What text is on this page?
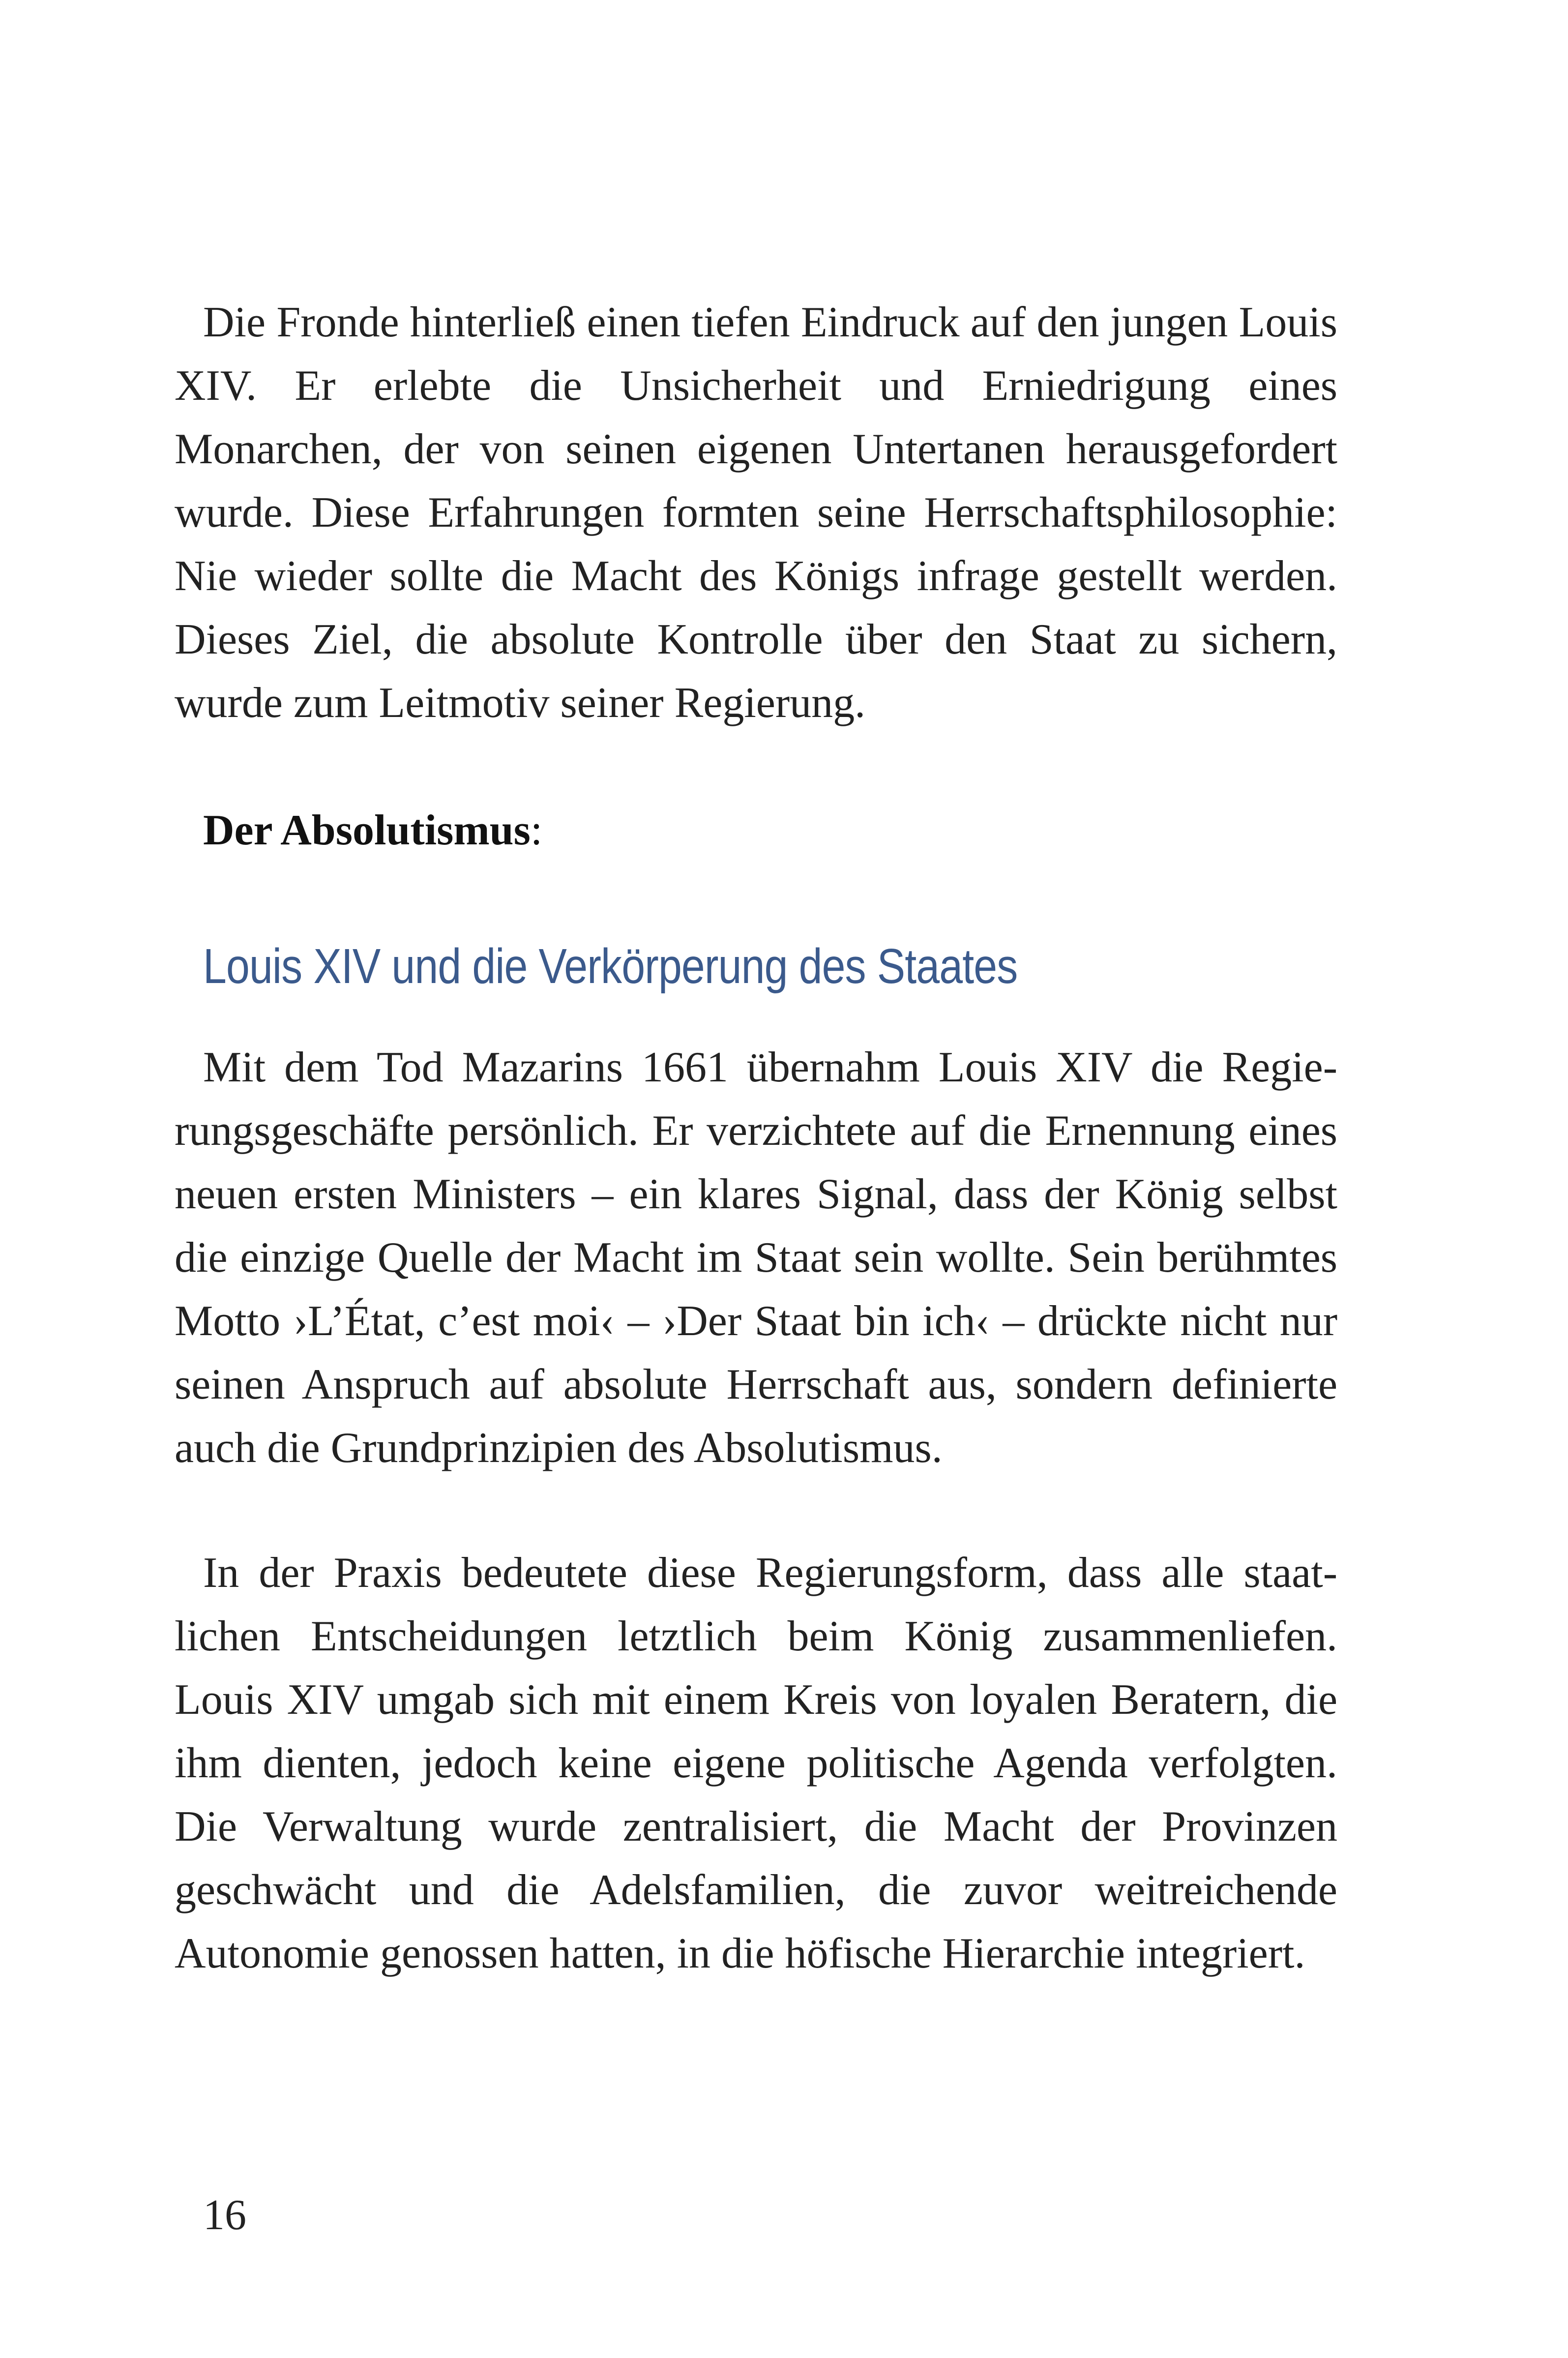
Die Fronde hinterließ einen tiefen Eindruck auf den jungen Louis XIV. Er erlebte die Unsicherheit und Erniedrigung eines Monarchen, der von seinen eigenen Untertanen herausgefordert wurde. Diese Erfahrungen formten seine Herrschaftsphilosophie: Nie wieder sollte die Macht des Königs infrage gestellt werden. Dieses Ziel, die absolute Kontrolle über den Staat zu sichern, wurde zum Leitmotiv seiner Regierung.

Der Absolutismus:

Louis XIV und die Verkörperung des Staates

Mit dem Tod Mazarins 1661 übernahm Louis XIV die Regierungsgeschäfte persönlich. Er verzichtete auf die Ernennung eines neuen ersten Ministers – ein klares Signal, dass der König selbst die einzige Quelle der Macht im Staat sein wollte. Sein berühmtes Motto ›L’État, c’est moi‹ – ›Der Staat bin ich‹ – drückte nicht nur seinen Anspruch auf absolute Herrschaft aus, sondern definierte auch die Grundprinzipien des Absolutismus.

In der Praxis bedeutete diese Regierungsform, dass alle staatlichen Entscheidungen letztlich beim König zusammenliefen. Louis XIV umgab sich mit einem Kreis von loyalen Beratern, die ihm dienten, jedoch keine eigene politische Agenda verfolgten. Die Verwaltung wurde zentralisiert, die Macht der Provinzen geschwächt und die Adelsfamilien, die zuvor weitreichende Autonomie genossen hatten, in die höfische Hierarchie integriert.

16
